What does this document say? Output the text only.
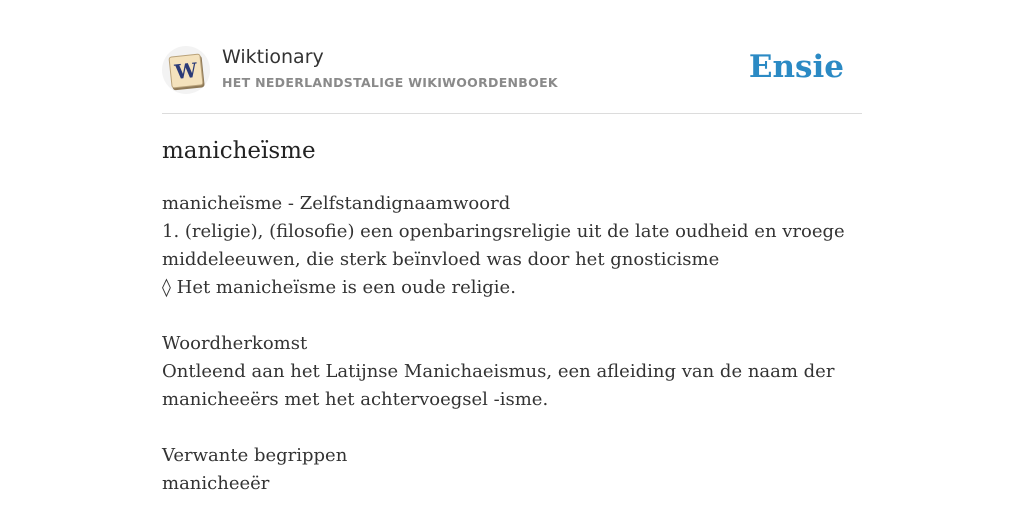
W
Wiktionary
HET NEDERLANDSTALIGE WIKIWOORDENBOEK	Ensie
manicheïsme
manicheïsme - Zelfstandignaamwoord
1. (religie), (filosofie) een openbaringsreligie uit de late oudheid en vroege
middeleeuwen, die sterk beïnvloed was door het gnosticisme
◊ Het manicheïsme is een oude religie.
Woordherkomst
Ontleend aan het Latijnse Manichaeismus, een afleiding van de naam der
manicheeërs met het achtervoegsel -isme.
Verwante begrippen
manicheeër
